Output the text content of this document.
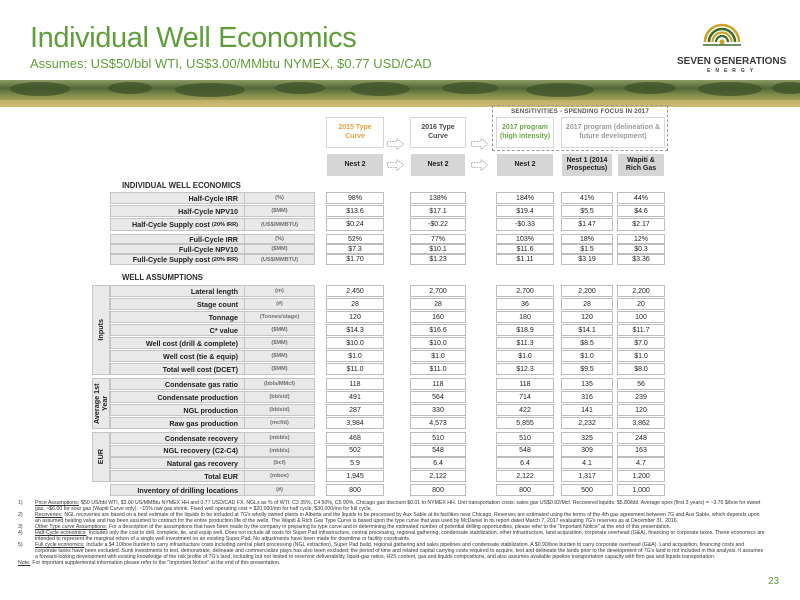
Individual Well Economics
Assumes: US$50/bbl WTI, US$3.00/MMbtu NYMEX, $0.77 USD/CAD	SEVEN GENERATIONS
ENERGY
SENSITIVITIES - SPENDING FOCUS IN 2017
INDIVIDUAL WELL ECONOMICS
WELL ASSUMPTIONS
2015 Type Curve
2016 Type Curve
2017 program (high intensity)
2017 program (delineation & future development)
Nest 2	Nest 2	Nest 2
Nest 1 (2014 Prospectus)
Wapiti & Rich Gas
Half-Cycle IRR	(%)	98%	138%	184%	41%	44%
Half-Cycle NPV10	($MM)	$13.6	$17.1	$19.4	$5.5	$4.6
Half-Cycle Supply cost (20% IRR)	(US$/MMBTU)	$0.24	-$0.22	-$0.33	$1.47	$2.17
Full-Cycle IRR	(%)	52%	77%	103%	18%	12%
Full-Cycle NPV10	($MM)	$7.3	$10.1	$11.6	$1.5	$0.3
Full-Cycle Supply cost (20% IRR)	(US$/MMBTU)	$1.70	$1.23	$1.11	$3.19	$3.36
Inputs
Lateral length	(m)	2,450	2,700	2,700	2,200	2,200
Stage count	(#)	28	28	36	28	20
Tonnage	(Tonnes/stage)	120	160	180	120	100
C* value	($MM)	$14.3	$16.6	$18.9	$14.1	$11.7
Well cost (drill & complete)	($MM)	$10.0	$10.0	$11.3	$8.5	$7.0
Well cost (tie & equip)	($MM)	$1.0	$1.0	$1.0	$1.0	$1.0
Total well cost (DCET)	($MM)	$11.0	$11.0	$12.3	$9.5	$8.0
Average 1st Year
Condensate gas ratio	(bbls/MMcf)	118	118	118	135	56
Condensate production	(bbls/d)	491	564	714	316	239
NGL production	(bbls/d)	287	330	422	141	120
Raw gas production	(mcf/d)	3,984	4,573	5,855	2,232	3,862
EUR
Condensate recovery	(mbbls)	468	510	510	325	248
NGL recovery (C2-C4)	(mbbls)	502	548	548	309	163
Natural gas recovery	(bcf)	5.9	6.4	6.4	4.1	4.7
Total EUR	(mboe)	1,945	2,122	2,122	1,317	1,200
Inventory of drilling locations	(#)	800	800	800	500	1,000
1)	Price Assumptions: $50 US/bbl WTI, $3.00 US/MMBtu NYMEX HH and 0.77 USD/CAD FX. NGLs as % of WTI: C3 35%, C4 50%, C5 90%. Chicago gas discount $0.01 to NYMEX HH. Unit transportation costs: sales gas US$0.92/Mcf. Recovered liquids: $5.80/bbl. Average opex (first 3 years) = ~3.70 $/boe for sweet gas, ~$6.00 for sour gas (Wapiti Curve only). ~15% raw gas shrink. Fixed well operating cost = $20,000/mo for half cycle, $30,000/mo for full cycle.
2)	Recoveries: NGL recoveries are based on a best estimate of the liquids to be included at 7G's wholly owned plants in Alberta and the liquids to be processed by Aux Sable at its facilities near Chicago. Reserves are estimated using the terms of the 4th gas agreement between 7G and Aux Sable, which depends upon an assumed heating value and has been assumed to contract for the entire production life of the wells. The Wapiti & Rich Gas Type Curve is based upon the type curve that was used by McDaniel in its report dated March 7, 2017 evaluating 7G's reserves as at December 31, 2016.
3)	Other Type curve Assumptions: For a description of the assumptions that have been made by the company in preparing its type curve and in determining the estimated number of potential drilling opportunities, please refer to the "Important Notice" at the end of this presentation.
4)	Half-Cycle economics: Includes only the cost to drill, complete, tie, and equip well. Does not include all costs for Super Pad infrastructure, central processing, regional gathering, condensate stabilization, other infrastructure, land acquisition, corporate overhead (G&A), financing or corporate taxes. These economics are intended to represent the marginal return of a single well investment on an existing Super Pad. No adjustments have been made for downtime or facility constraints.
5)	Full cycle economics: Include a $4.10/boe burden to carry infrastructure costs including central plant processing (NGL extraction), Super Pad build, regional gathering and sales pipelines and condensate stabilization. A $0.90/boe burden to carry corporate overhead (G&A). Land acquisition, financing costs and corporate taxes have been excluded. Sunk investments to test, demonstrate, delineate and commercialize plays has also been excluded; the period of time and related capital carrying costs required to acquire, test and delineate the lands prior to the development of 7G's land is not included in this analysis. It assumes a forward-looking development with existing knowledge of the risk profile of 7G's land, including but not limited to reservoir deliverability, liquid-gas ratios, H2S content, gas and liquids compositions, and also assumes available pipeline transportation capacity with firm gas and liquids transportation.
Note: For important supplemental information please refer to the "Important Notice" at the end of this presentation.
23
